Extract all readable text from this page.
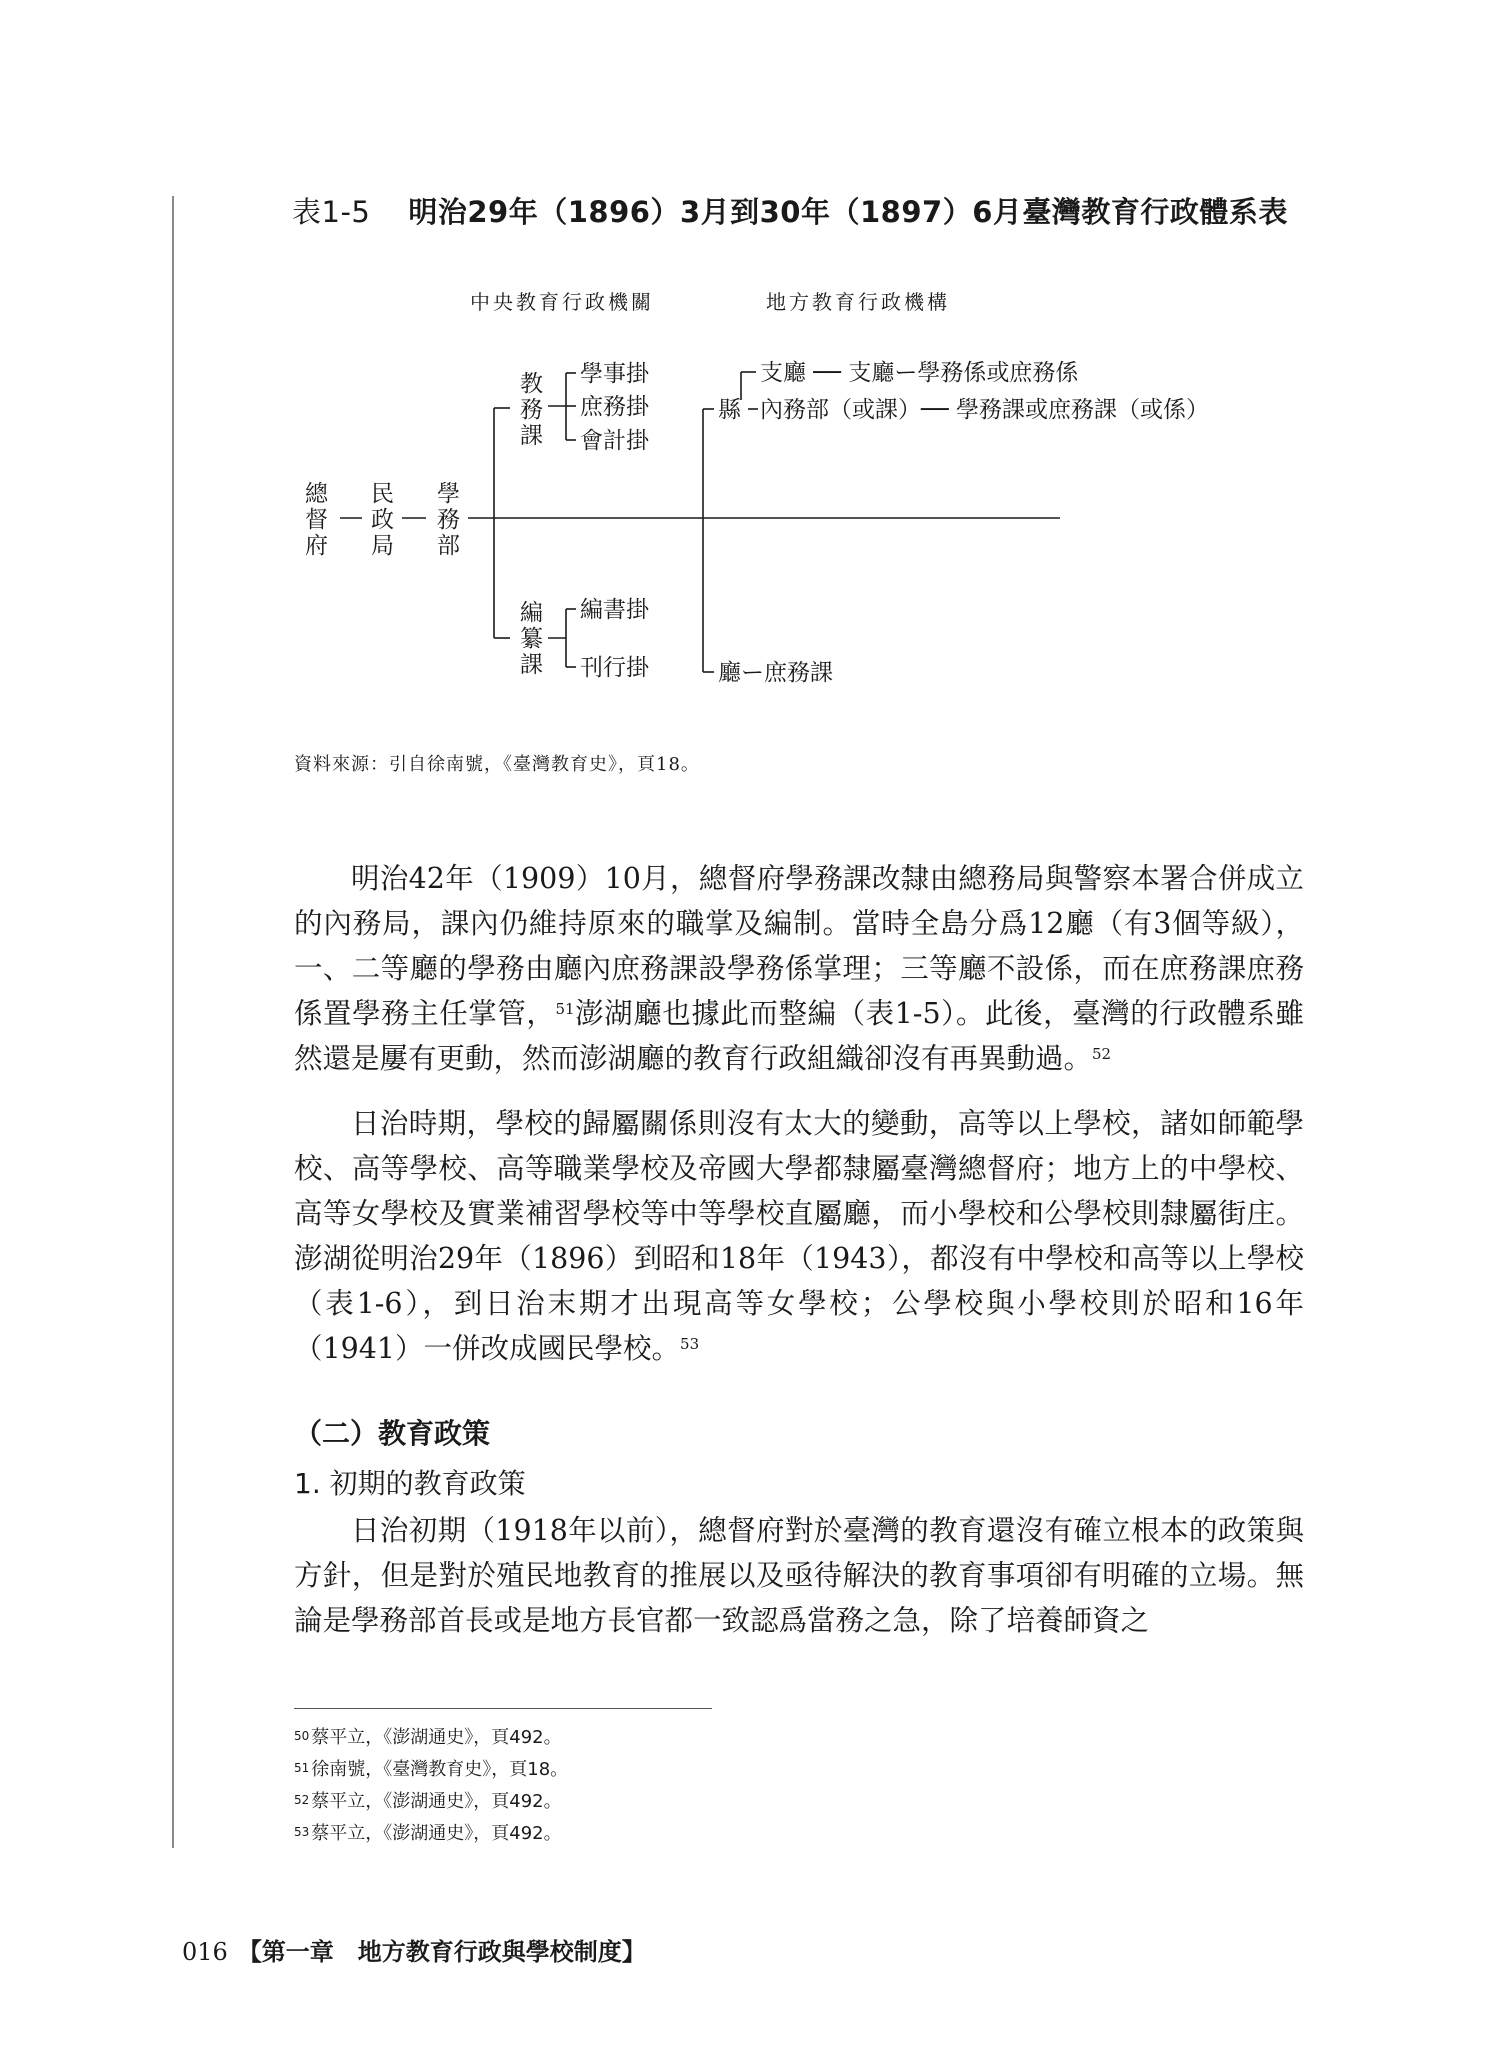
表1-5 明治29年（1896）3月到30年（1897）6月臺灣教育行政體系表
中央教育行政機關	地方教育行政機構
總
督
府
民
政
局
學
務
部
教
務
課
編
纂
課
學事掛
庶務掛
會計掛
編書掛
刊行掛
縣
支廳 ── 支廳ー學務係或庶務係
內務部（或課）── 學務課或庶務課（或係）
廳ー庶務課
資料來源：引自徐南號，《臺灣教育史》，頁18。

明治42年（1909）10月，總督府學務課改隸由總務局與警察本署合併成立的內務局，課內仍維持原來的職掌及編制。當時全島分爲12廳（有3個等級），一、二等廳的學務由廳內庶務課設學務係掌理；三等廳不設係，而在庶務課庶務係置學務主任掌管，$^{51}$澎湖廳也據此而整編（表1-5）。此後，臺灣的行政體系雖然還是屢有更動，然而澎湖廳的教育行政組織卻沒有再異動過。$^{52}$

日治時期，學校的歸屬關係則沒有太大的變動，高等以上學校，諸如師範學校、高等學校、高等職業學校及帝國大學都隸屬臺灣總督府；地方上的中學校、高等女學校及實業補習學校等中等學校直屬廳，而小學校和公學校則隸屬街庄。澎湖從明治29年（1896）到昭和18年（1943），都沒有中學校和高等以上學校（表1-6），到日治末期才出現高等女學校；公學校與小學校則於昭和16年（1941）一併改成國民學校。$^{53}$

（二）教育政策
1. 初期的教育政策

日治初期（1918年以前），總督府對於臺灣的教育還沒有確立根本的政策與方針，但是對於殖民地教育的推展以及亟待解決的教育事項卻有明確的立場。無論是學務部首長或是地方長官都一致認爲當務之急，除了培養師資之

$^{50}$ 蔡平立，《澎湖通史》，頁492。
$^{51}$ 徐南號，《臺灣教育史》，頁18。
$^{52}$ 蔡平立，《澎湖通史》，頁492。
$^{53}$ 蔡平立，《澎湖通史》，頁492。
016 【第一章　地方教育行政與學校制度】
